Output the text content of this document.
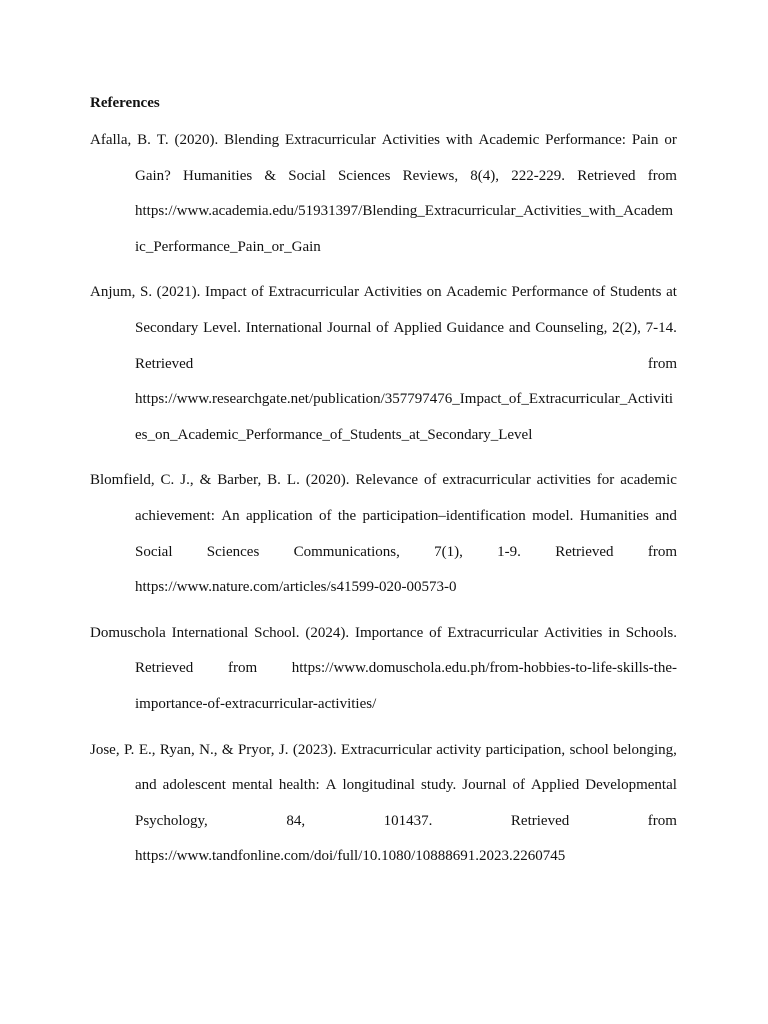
References
Afalla, B. T. (2020). Blending Extracurricular Activities with Academic Performance: Pain or
Gain? Humanities & Social Sciences Reviews, 8(4), 222-229. Retrieved from
https://www.academia.edu/51931397/Blending_Extracurricular_Activities_with_Academ
ic_Performance_Pain_or_Gain
Anjum, S. (2021). Impact of Extracurricular Activities on Academic Performance of Students at
Secondary Level. International Journal of Applied Guidance and Counseling, 2(2), 7-14.
Retrieved	from
https://www.researchgate.net/publication/357797476_Impact_of_Extracurricular_Activiti
es_on_Academic_Performance_of_Students_at_Secondary_Level
Blomfield, C. J., & Barber, B. L. (2020). Relevance of extracurricular activities for academic
achievement: An application of the participation–identification model. Humanities and
Social Sciences Communications, 7(1), 1-9. Retrieved from
https://www.nature.com/articles/s41599-020-00573-0
Domuschola International School. (2024). Importance of Extracurricular Activities in Schools.
Retrieved from https://www.domuschola.edu.ph/from-hobbies-to-life-skills-the-
importance-of-extracurricular-activities/
Jose, P. E., Ryan, N., & Pryor, J. (2023). Extracurricular activity participation, school belonging,
and adolescent mental health: A longitudinal study. Journal of Applied Developmental
Psychology,	84,	101437.	Retrieved	from
https://www.tandfonline.com/doi/full/10.1080/10888691.2023.2260745
